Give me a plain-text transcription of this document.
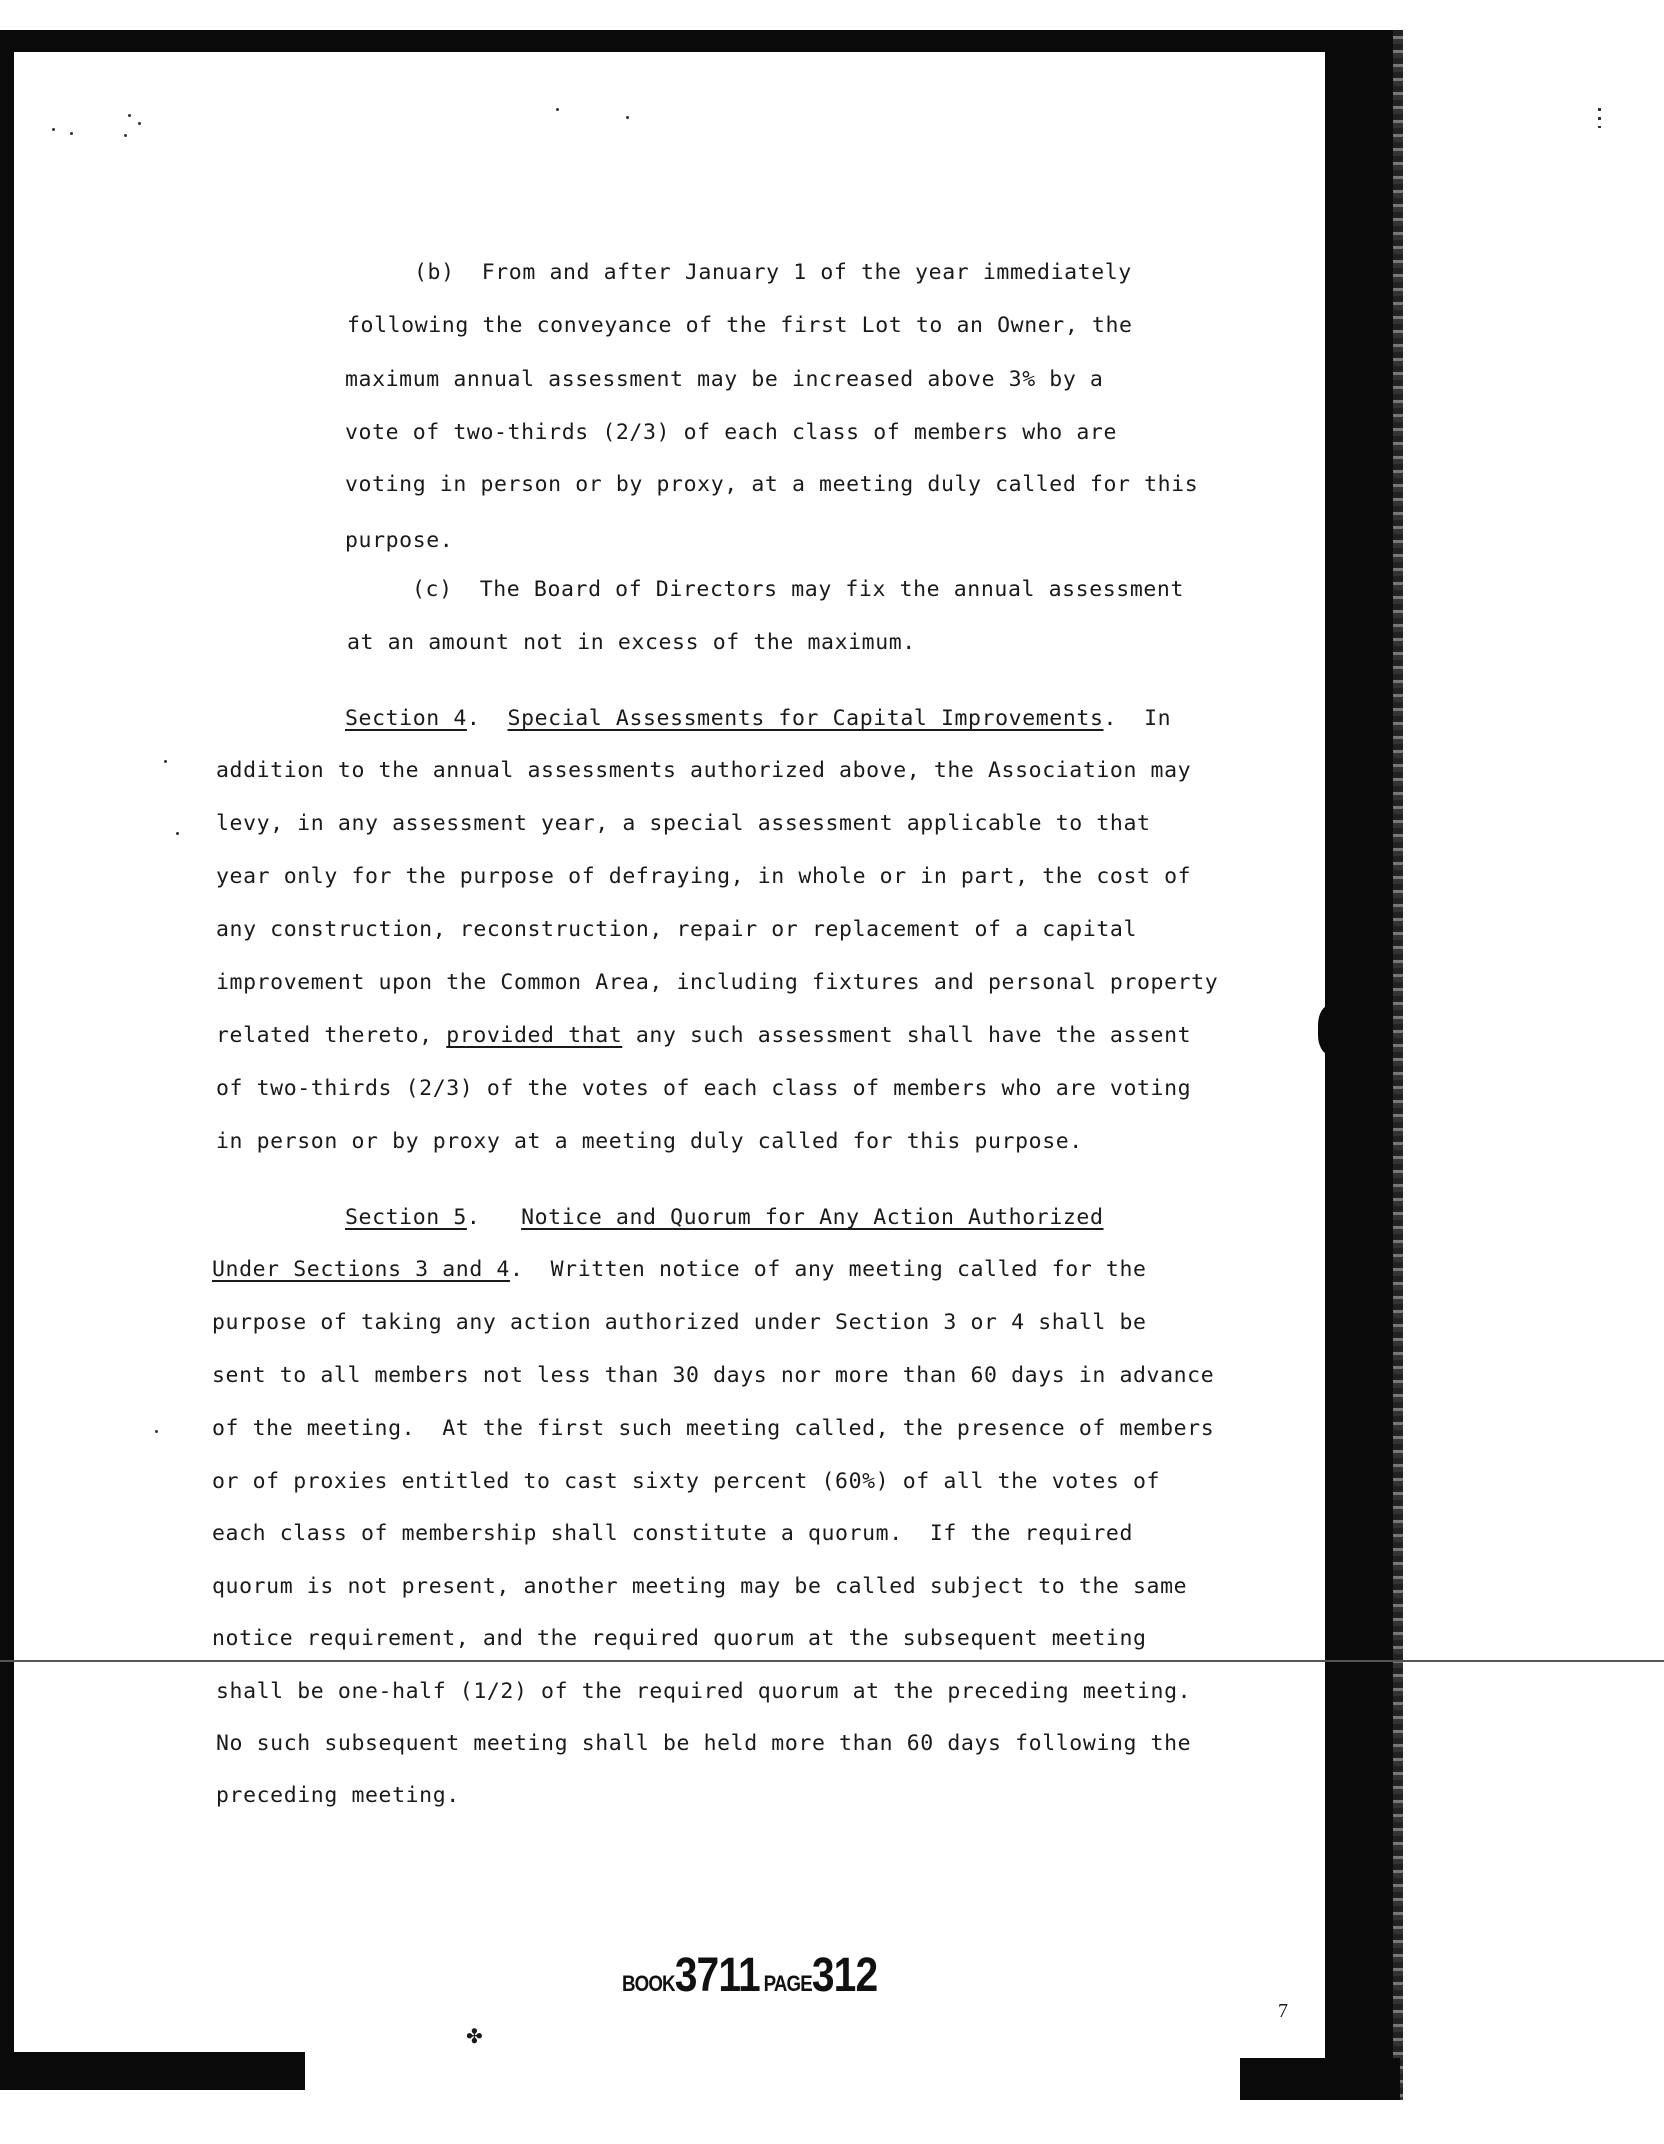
(b)  From and after January 1 of the year immediately

following the conveyance of the first Lot to an Owner, the

maximum annual assessment may be increased above 3% by a

vote of two-thirds (2/3) of each class of members who are

voting in person or by proxy, at a meeting duly called for this

purpose.

(c)  The Board of Directors may fix the annual assessment

at an amount not in excess of the maximum.

Section 4.  Special Assessments for Capital Improvements.  In

addition to the annual assessments authorized above, the Association may

levy, in any assessment year, a special assessment applicable to that

year only for the purpose of defraying, in whole or in part, the cost of

any construction, reconstruction, repair or replacement of a capital

improvement upon the Common Area, including fixtures and personal property

related thereto, provided that any such assessment shall have the assent

of two-thirds (2/3) of the votes of each class of members who are voting

in person or by proxy at a meeting duly called for this purpose.

Section 5.   Notice and Quorum for Any Action Authorized

Under Sections 3 and 4.  Written notice of any meeting called for the

purpose of taking any action authorized under Section 3 or 4 shall be

sent to all members not less than 30 days nor more than 60 days in advance

of the meeting.  At the first such meeting called, the presence of members

or of proxies entitled to cast sixty percent (60%) of all the votes of

each class of membership shall constitute a quorum.  If the required

quorum is not present, another meeting may be called subject to the same

notice requirement, and the required quorum at the subsequent meeting

shall be one-half (1/2) of the required quorum at the preceding meeting.

No such subsequent meeting shall be held more than 60 days following the

preceding meeting.

BOOK3711 PAGE312

7

✤
